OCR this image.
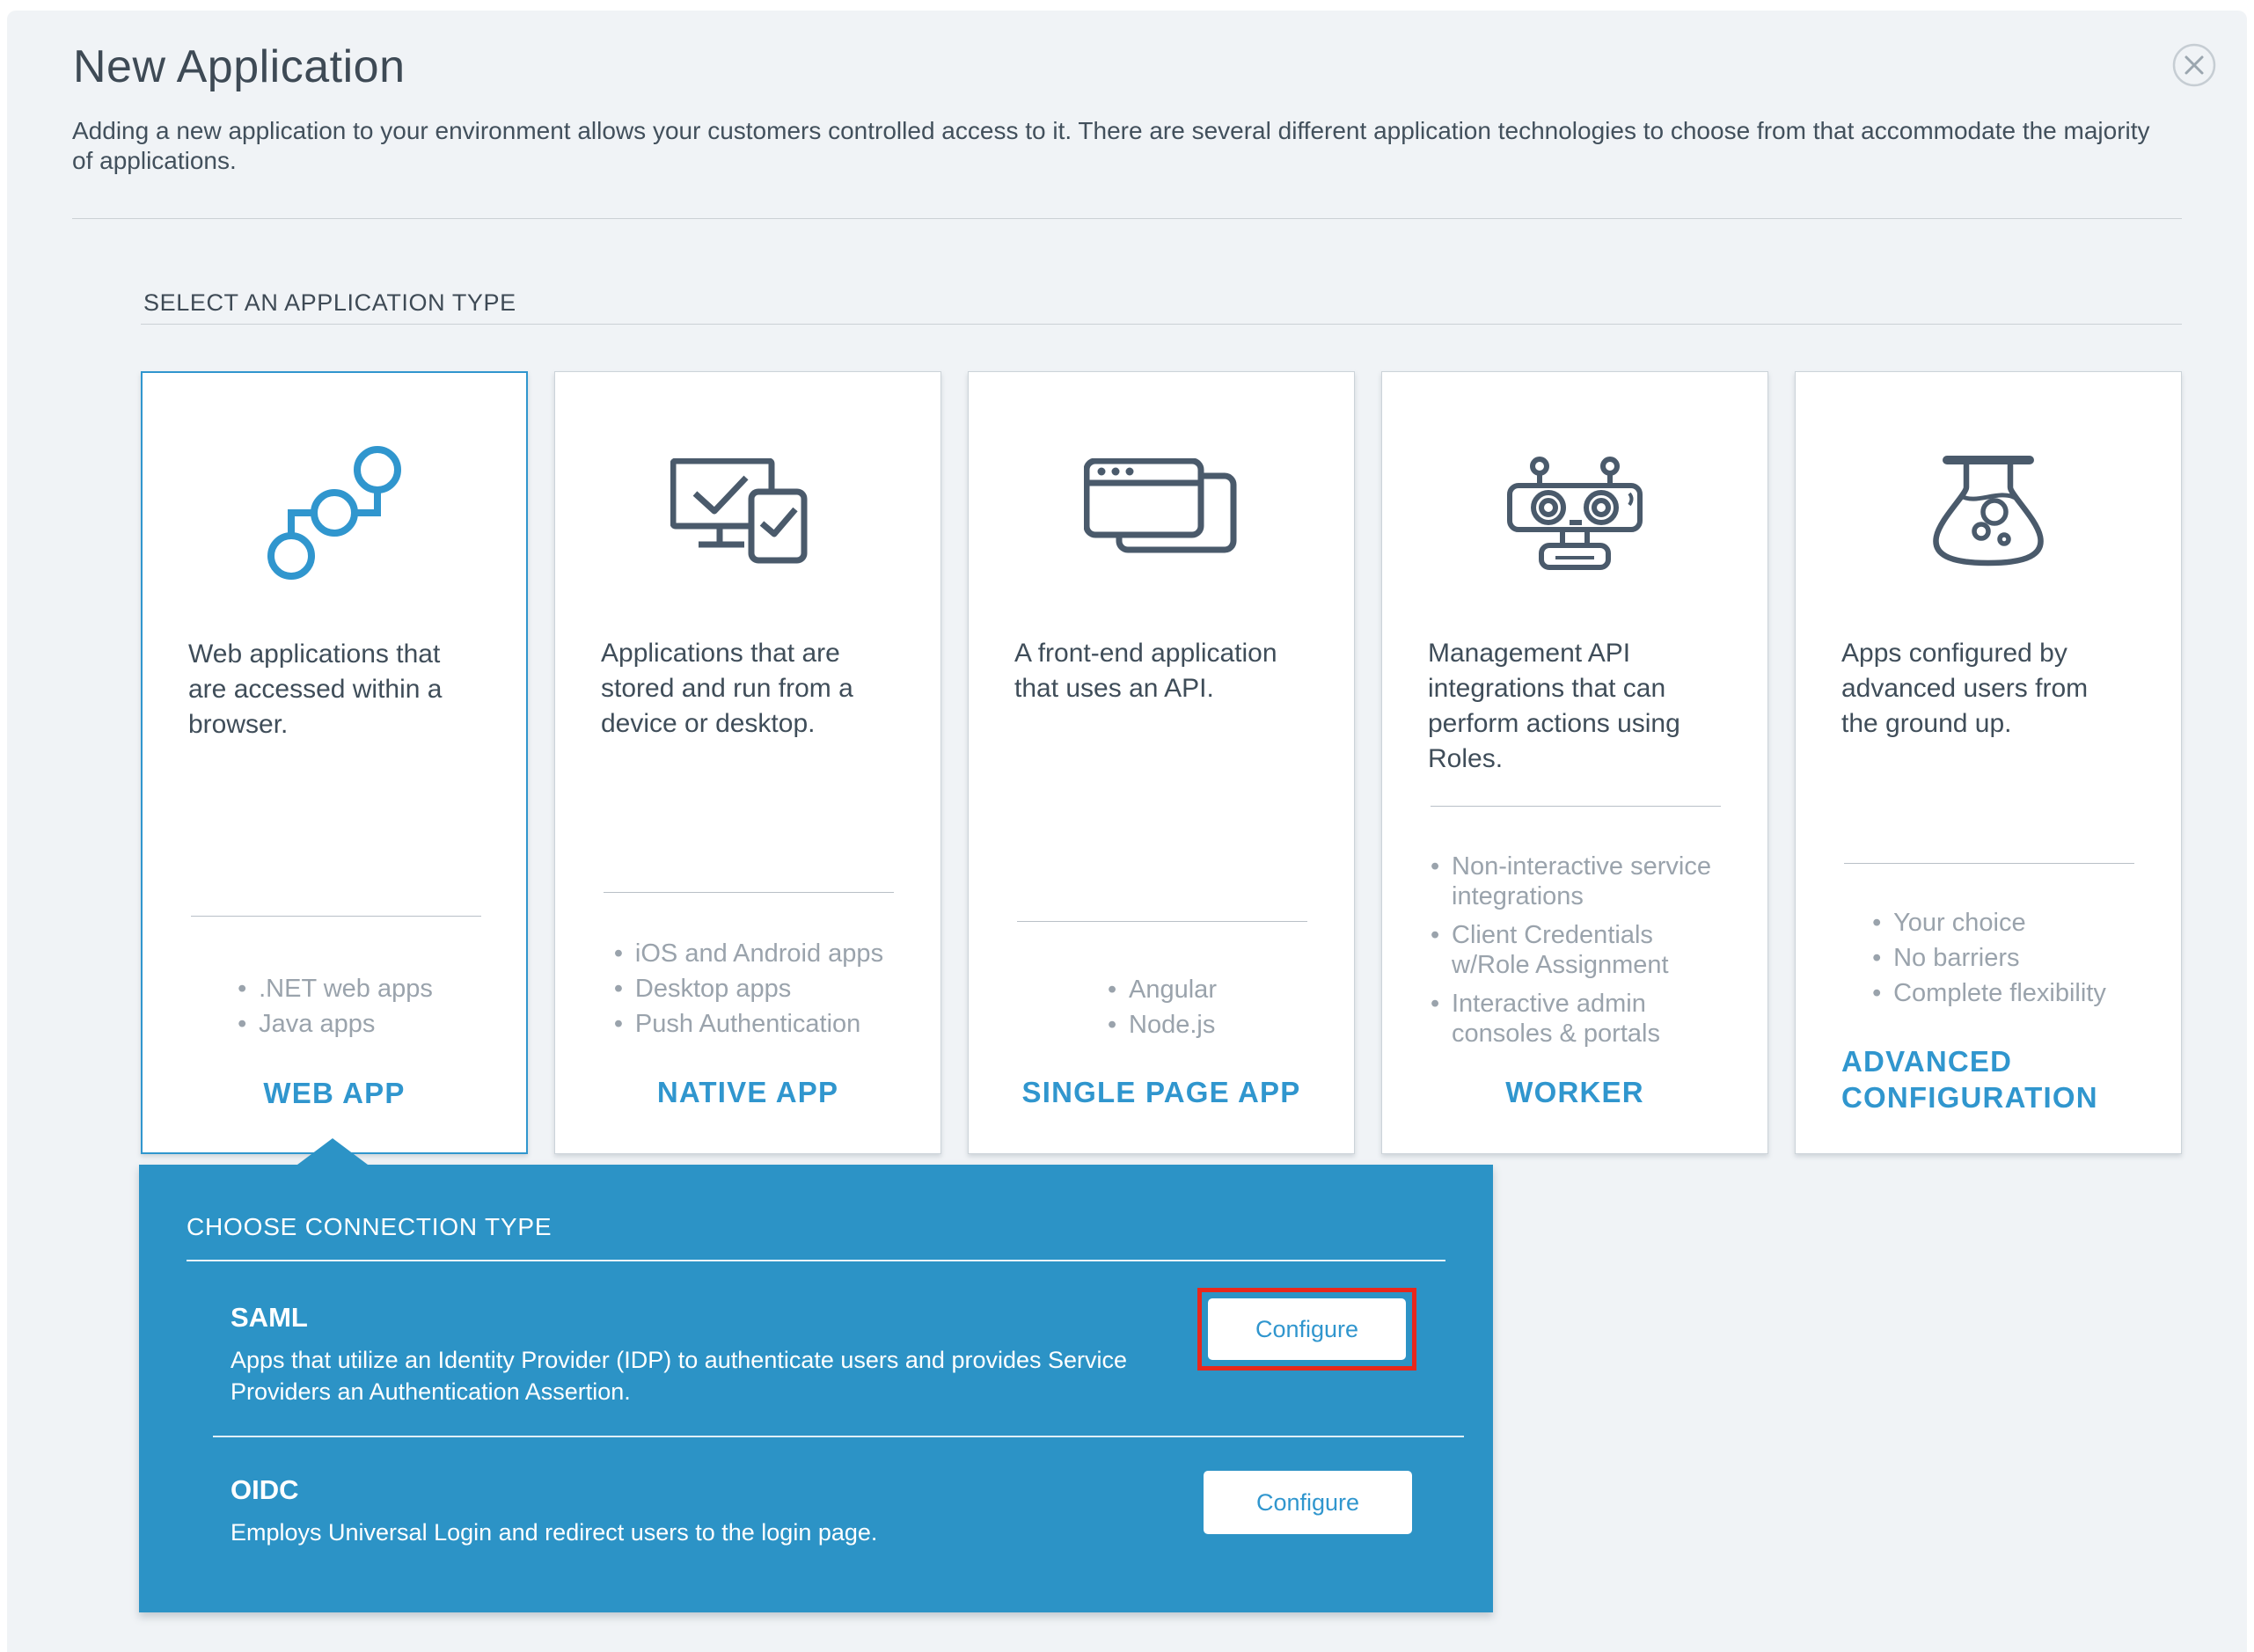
New Application
Adding a new application to your environment allows your customers controlled access to it. There are several different application technologies to choose from that accommodate the majority of applications.
SELECT AN APPLICATION TYPE
Web applications that are accessed within a browser.
• .NET web apps
• Java apps
WEB APP
Applications that are stored and run from a device or desktop.
• iOS and Android apps
• Desktop apps
• Push Authentication
NATIVE APP
A front-end application that uses an API.
• Angular
• Node.js
SINGLE PAGE APP
Management API integrations that can perform actions using Roles.
• Non-interactive service integrations
• Client Credentials w/Role Assignment
• Interactive admin consoles & portals
WORKER
Apps configured by advanced users from the ground up.
• Your choice
• No barriers
• Complete flexibility
ADVANCED CONFIGURATION
CHOOSE CONNECTION TYPE
SAML
Apps that utilize an Identity Provider (IDP) to authenticate users and provides Service Providers an Authentication Assertion.
Configure
OIDC
Employs Universal Login and redirect users to the login page.
Configure
